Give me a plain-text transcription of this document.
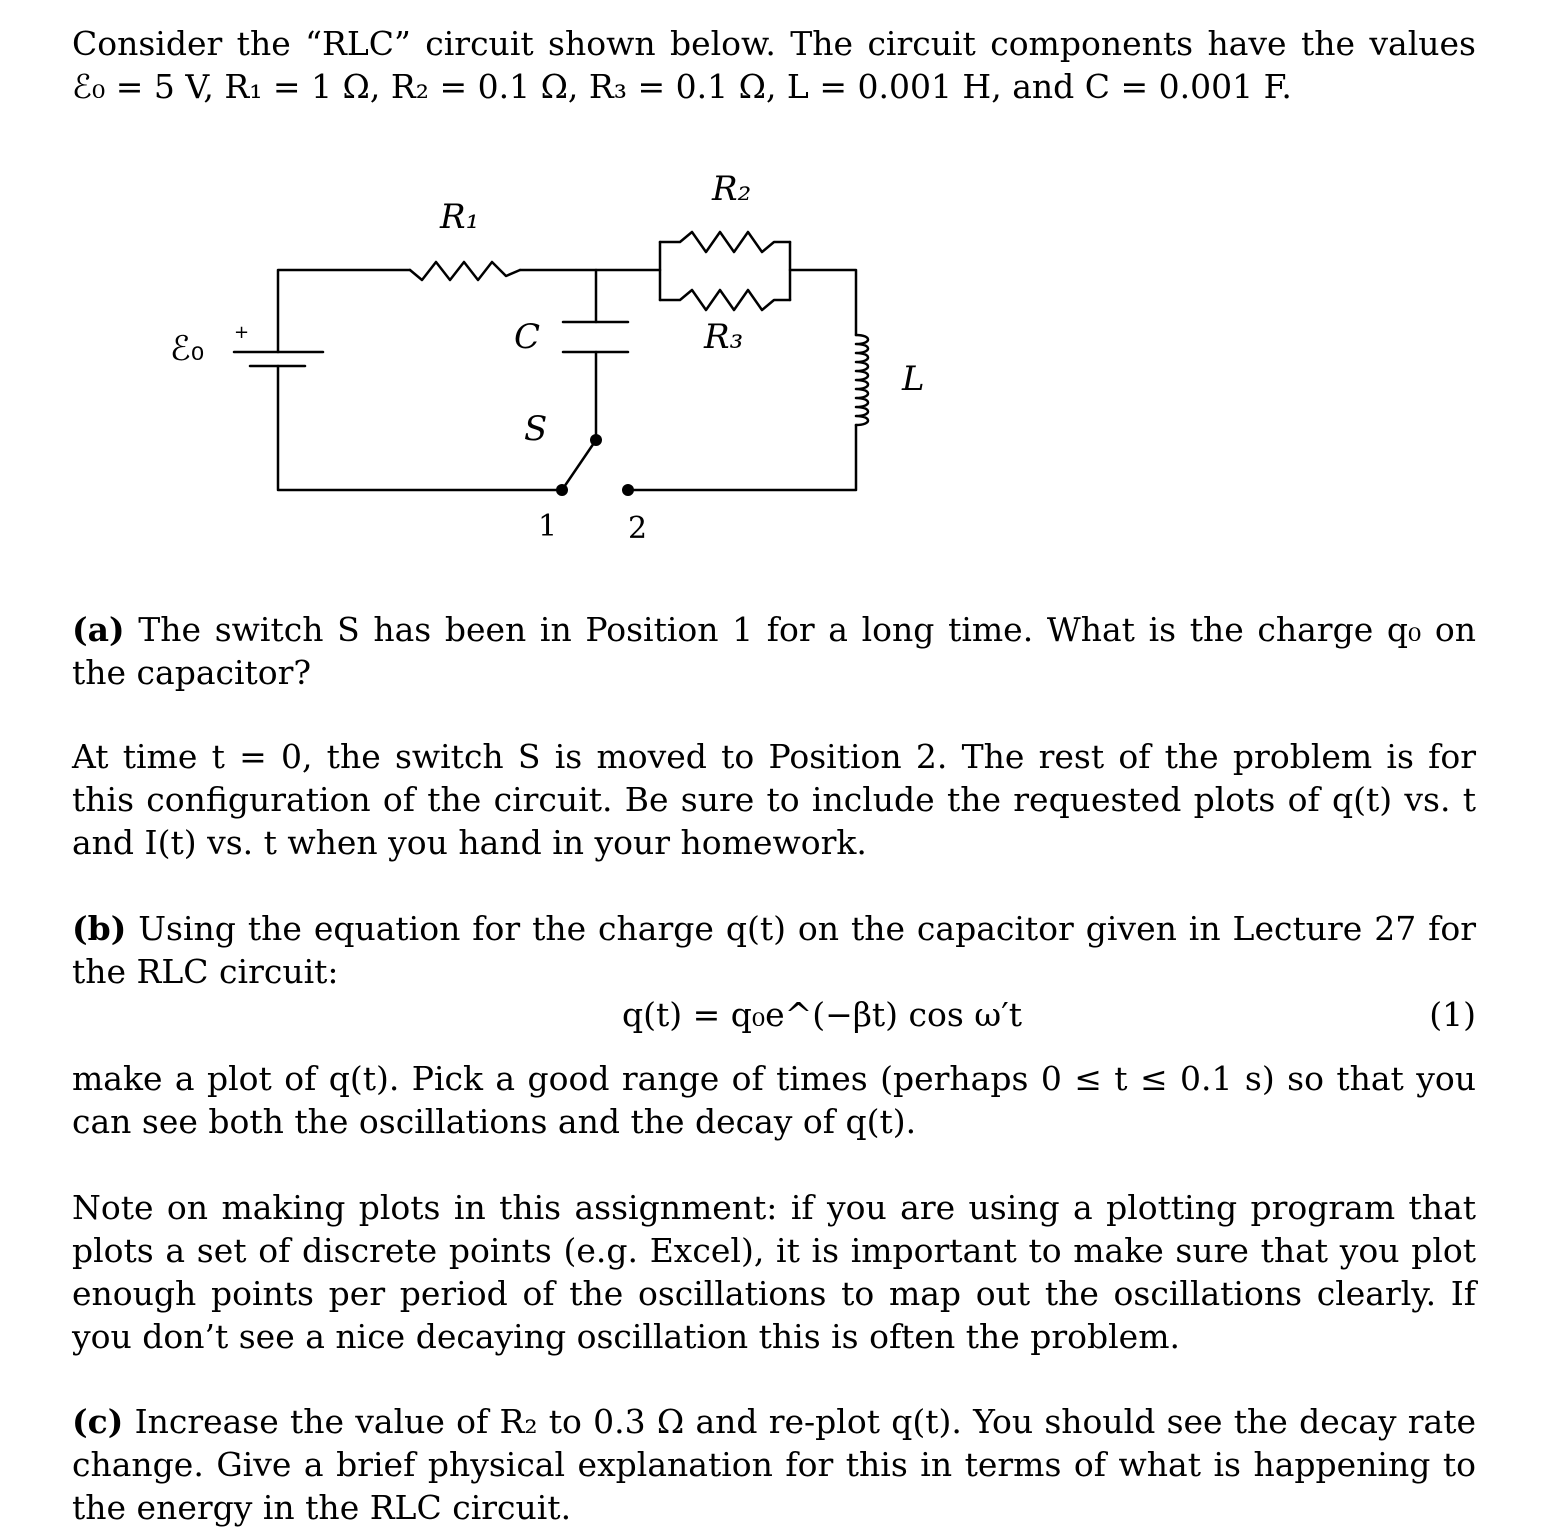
Consider the “RLC” circuit shown below. The circuit components have the values ℰ₀ = 5 V, R₁ = 1 Ω, R₂ = 0.1 Ω, R₃ = 0.1 Ω, L = 0.001 H, and C = 0.001 F.

R₁
R₂
R₃
C
L
S
ℰ₀
1 2
+

(a) The switch S has been in Position 1 for a long time. What is the charge q₀ on the capacitor?

At time t = 0, the switch S is moved to Position 2. The rest of the problem is for this configuration of the circuit. Be sure to include the requested plots of q(t) vs. t and I(t) vs. t when you hand in your homework.

(b) Using the equation for the charge q(t) on the capacitor given in Lecture 27 for the RLC circuit:

q(t) = q₀e^(−βt) cos ω′t	(1)

make a plot of q(t). Pick a good range of times (perhaps 0 ≤ t ≤ 0.1 s) so that you can see both the oscillations and the decay of q(t).

Note on making plots in this assignment: if you are using a plotting program that plots a set of discrete points (e.g. Excel), it is important to make sure that you plot enough points per period of the oscillations to map out the oscillations clearly. If you don’t see a nice decaying oscillation this is often the problem.

(c) Increase the value of R₂ to 0.3 Ω and re-plot q(t). You should see the decay rate change. Give a brief physical explanation for this in terms of what is happening to the energy in the RLC circuit.
